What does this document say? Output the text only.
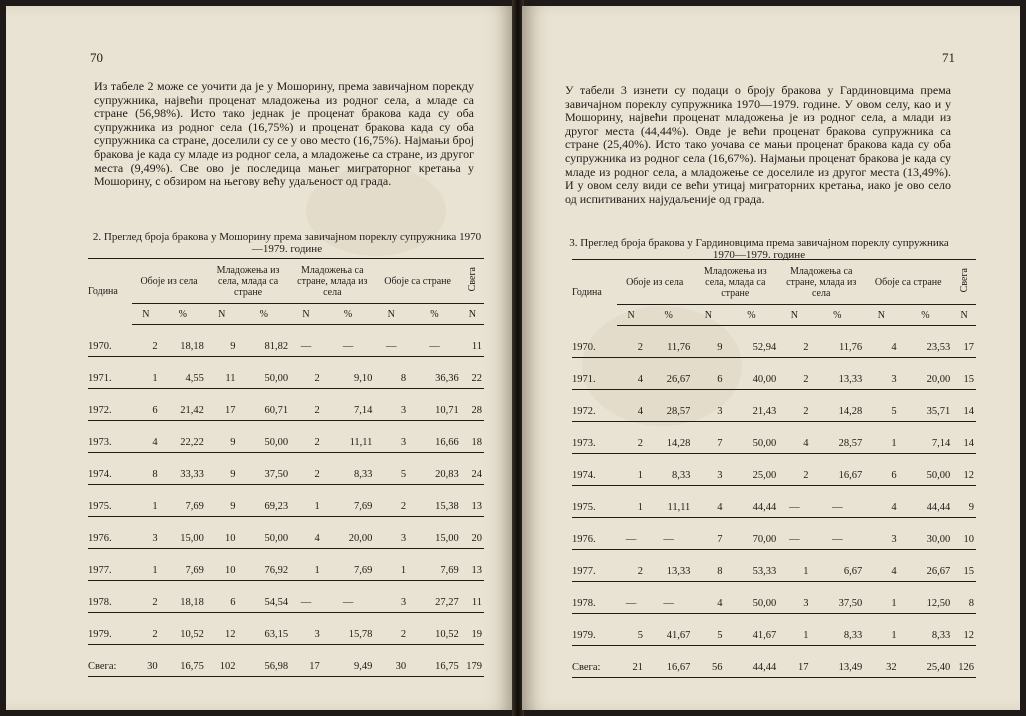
70
Из табеле 2 може се уочити да је у Мошорину, према завичајном порекду супружника, највећи проценат младожења из родног села, а младе са стране (56,98%). Исто тако једнак је проценат бракова када су оба супружника из родног села (16,75%) и проценат бракова када су оба супружника са стране, доселили су се у ово место (16,75%). Најмањи број бракова је када су младе из родног села, а младожење са стране, из другог места (9,49%). Све ово је последица мањег миграторног кретања у Мошорину, с обзиром на његову већу удаљеност од града.
2. Преглед броја бракова у Мошорину према завичајном пореклу супружника 1970—1979. године
Година	Обоје из села		Младожења из села, млада са стране		Младожења са стране, млада из села		Обоје са стране		Свега
	N	%	N	%	N	%	N	%	N

1970.	2	18,18	9	81,82	—	—	—	—	11

1971.	1	4,55	11	50,00	2	9,10	8	36,36	22

1972.	6	21,42	17	60,71	2	7,14	3	10,71	28

1973.	4	22,22	9	50,00	2	11,11	3	16,66	18

1974.	8	33,33	9	37,50	2	8,33	5	20,83	24

1975.	1	7,69	9	69,23	1	7,69	2	15,38	13

1976.	3	15,00	10	50,00	4	20,00	3	15,00	20

1977.	1	7,69	10	76,92	1	7,69	1	7,69	13

1978.	2	18,18	6	54,54	—	—	3	27,27	11

1979.	2	10,52	12	63,15	3	15,78	2	10,52	19

Свега:	30	16,75	102	56,98	17	9,49	30	16,75	179
71
У табели 3 изнети су подаци о броју бракова у Гардиновцима према завичајном пореклу супружника 1970—1979. године. У овом селу, као и у Мошорину, највећи проценат младожења је из родног села, а млади из другог места (44,44%). Овде је већи проценат бракова супружника са стране (25,40%). Исто тако уочава се мањи проценат бракова када су оба супружника из родног села (16,67%). Најмањи проценат бракова је када су младе из родног села, а младожење се доселиле из другог места (13,49%). И у овом селу види се већи утицај миграторних кретања, иако је ово село од испитиваних најудаљеније од града.
3. Преглед броја бракова у Гардиновцима према завичајном пореклу супружника 1970—1979. године
Година	Обоје из села		Младожења из села, млада са стране		Младожења са стране, млада из села		Обоје са стране		Свега
	N	%	N	%	N	%	N	%	N

1970.	2	11,76	9	52,94	2	11,76	4	23,53	17

1971.	4	26,67	6	40,00	2	13,33	3	20,00	15

1972.	4	28,57	3	21,43	2	14,28	5	35,71	14

1973.	2	14,28	7	50,00	4	28,57	1	7,14	14

1974.	1	8,33	3	25,00	2	16,67	6	50,00	12

1975.	1	11,11	4	44,44	—	—	4	44,44	9

1976.	—	—	7	70,00	—	—	3	30,00	10

1977.	2	13,33	8	53,33	1	6,67	4	26,67	15

1978.	—	—	4	50,00	3	37,50	1	12,50	8

1979.	5	41,67	5	41,67	1	8,33	1	8,33	12

Свега:	21	16,67	56	44,44	17	13,49	32	25,40	126
